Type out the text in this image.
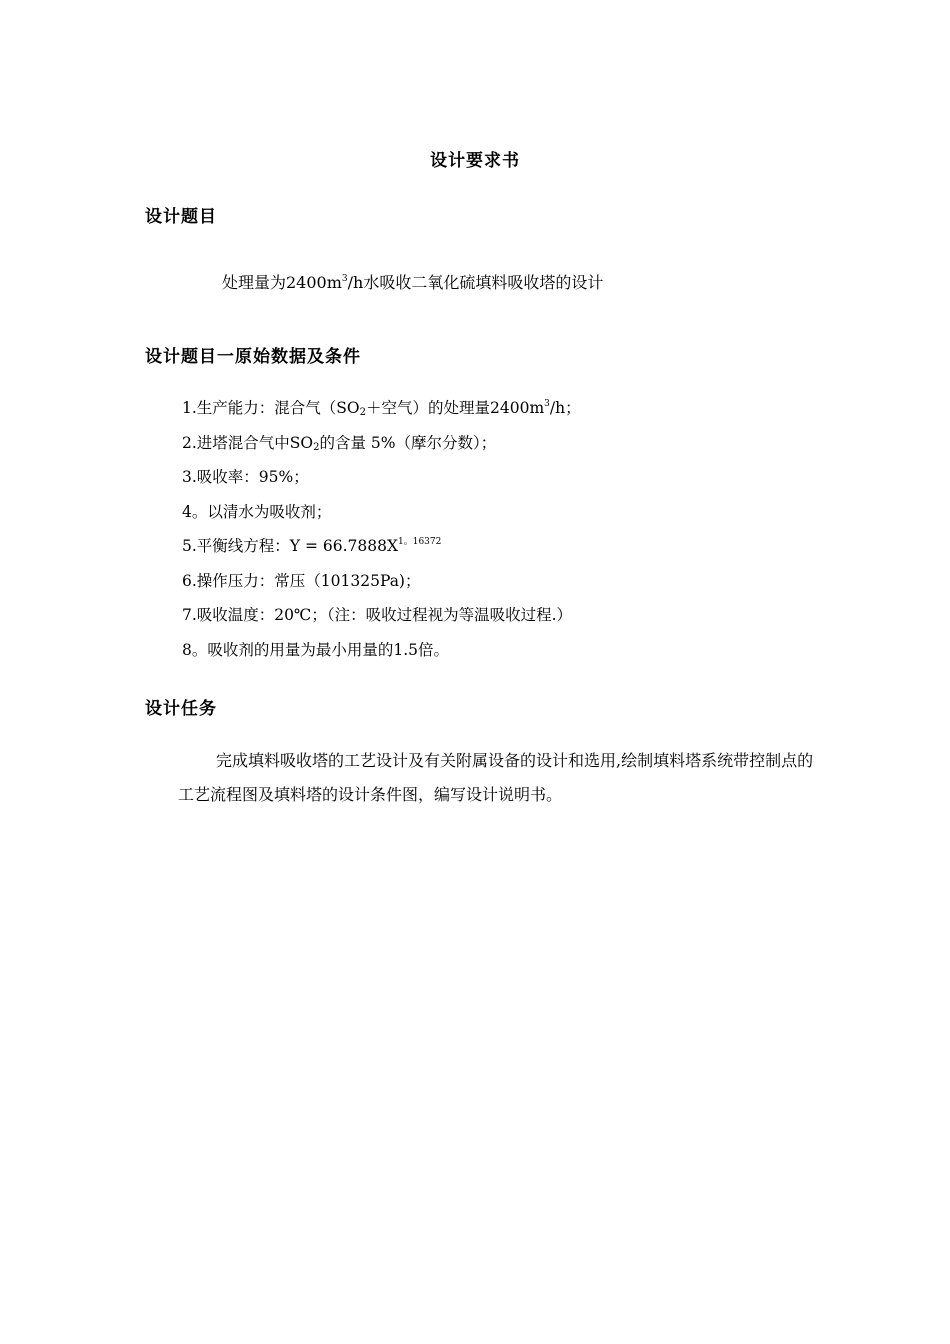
设计要求书
设计题目
处理量为$2400m^3/h$水吸收二氧化硫填料吸收塔的设计
设计题目一原始数据及条件
1.生产能力：混合气（$SO_2+$空气）的处理量$2400m^3/h$；
2.进塔混合气中$SO_2$的含量 5%（摩尔分数）；
3.吸收率：95%；
4。以清水为吸收剂；
5.平衡线方程：$Y = 66.7888X^{1。16372}$
6.操作压力：常压（101325Pa)；
7.吸收温度：20℃；（注：吸收过程视为等温吸收过程.）
8。吸收剂的用量为最小用量的1.5倍。
设计任务

完成填料吸收塔的工艺设计及有关附属设备的设计和选用,绘制填料塔系统带控制点的工艺流程图及填料塔的设计条件图，编写设计说明书。
